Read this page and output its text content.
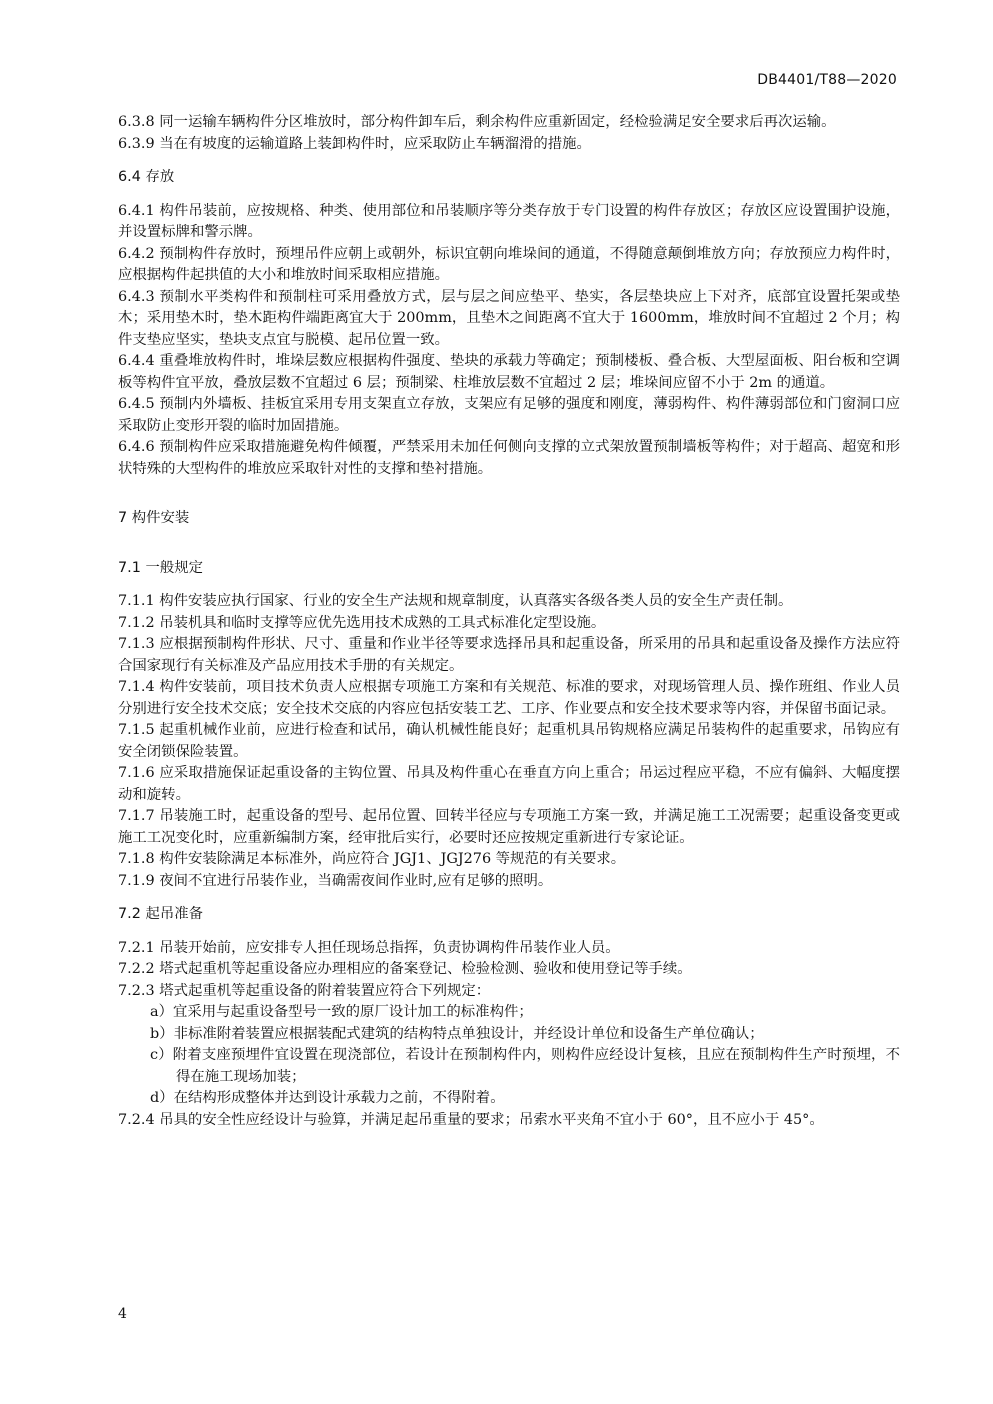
DB4401/T88—2020

6.3.8 同一运输车辆构件分区堆放时，部分构件卸车后，剩余构件应重新固定，经检验满足安全要求后再次运输。

6.3.9 当在有坡度的运输道路上装卸构件时，应采取防止车辆溜滑的措施。

6.4 存放

6.4.1 构件吊装前，应按规格、种类、使用部位和吊装顺序等分类存放于专门设置的构件存放区；存放区应设置围护设施，并设置标牌和警示牌。

6.4.2 预制构件存放时，预埋吊件应朝上或朝外，标识宜朝向堆垛间的通道，不得随意颠倒堆放方向；存放预应力构件时，应根据构件起拱值的大小和堆放时间采取相应措施。

6.4.3 预制水平类构件和预制柱可采用叠放方式，层与层之间应垫平、垫实，各层垫块应上下对齐，底部宜设置托架或垫木；采用垫木时，垫木距构件端距离宜大于 200mm，且垫木之间距离不宜大于 1600mm，堆放时间不宜超过 2 个月；构件支垫应坚实，垫块支点宜与脱模、起吊位置一致。

6.4.4 重叠堆放构件时，堆垛层数应根据构件强度、垫块的承载力等确定；预制楼板、叠合板、大型屋面板、阳台板和空调板等构件宜平放，叠放层数不宜超过 6 层；预制梁、柱堆放层数不宜超过 2 层；堆垛间应留不小于 2m 的通道。

6.4.5 预制内外墙板、挂板宜采用专用支架直立存放，支架应有足够的强度和刚度，薄弱构件、构件薄弱部位和门窗洞口应采取防止变形开裂的临时加固措施。

6.4.6 预制构件应采取措施避免构件倾覆，严禁采用未加任何侧向支撑的立式架放置预制墙板等构件；对于超高、超宽和形状特殊的大型构件的堆放应采取针对性的支撑和垫衬措施。

7 构件安装
7.1 一般规定

7.1.1 构件安装应执行国家、行业的安全生产法规和规章制度，认真落实各级各类人员的安全生产责任制。

7.1.2 吊装机具和临时支撑等应优先选用技术成熟的工具式标准化定型设施。

7.1.3 应根据预制构件形状、尺寸、重量和作业半径等要求选择吊具和起重设备，所采用的吊具和起重设备及操作方法应符合国家现行有关标准及产品应用技术手册的有关规定。

7.1.4 构件安装前，项目技术负责人应根据专项施工方案和有关规范、标准的要求，对现场管理人员、操作班组、作业人员分别进行安全技术交底；安全技术交底的内容应包括安装工艺、工序、作业要点和安全技术要求等内容，并保留书面记录。

7.1.5 起重机械作业前，应进行检查和试吊，确认机械性能良好；起重机具吊钩规格应满足吊装构件的起重要求，吊钩应有安全闭锁保险装置。

7.1.6 应采取措施保证起重设备的主钩位置、吊具及构件重心在垂直方向上重合；吊运过程应平稳，不应有偏斜、大幅度摆动和旋转。

7.1.7 吊装施工时，起重设备的型号、起吊位置、回转半径应与专项施工方案一致，并满足施工工况需要；起重设备变更或施工工况变化时，应重新编制方案，经审批后实行，必要时还应按规定重新进行专家论证。

7.1.8 构件安装除满足本标准外，尚应符合 JGJ1、JGJ276 等规范的有关要求。

7.1.9 夜间不宜进行吊装作业，当确需夜间作业时,应有足够的照明。

7.2 起吊准备

7.2.1 吊装开始前，应安排专人担任现场总指挥，负责协调构件吊装作业人员。

7.2.2 塔式起重机等起重设备应办理相应的备案登记、检验检测、验收和使用登记等手续。

7.2.3 塔式起重机等起重设备的附着装置应符合下列规定：

a）宜采用与起重设备型号一致的原厂设计加工的标准构件；

b）非标准附着装置应根据装配式建筑的结构特点单独设计，并经设计单位和设备生产单位确认；

c）附着支座预埋件宜设置在现浇部位，若设计在预制构件内，则构件应经设计复核，且应在预制构件生产时预埋，不得在施工现场加装；

d）在结构形成整体并达到设计承载力之前，不得附着。

7.2.4 吊具的安全性应经设计与验算，并满足起吊重量的要求；吊索水平夹角不宜小于 60°，且不应小于 45°。

4
